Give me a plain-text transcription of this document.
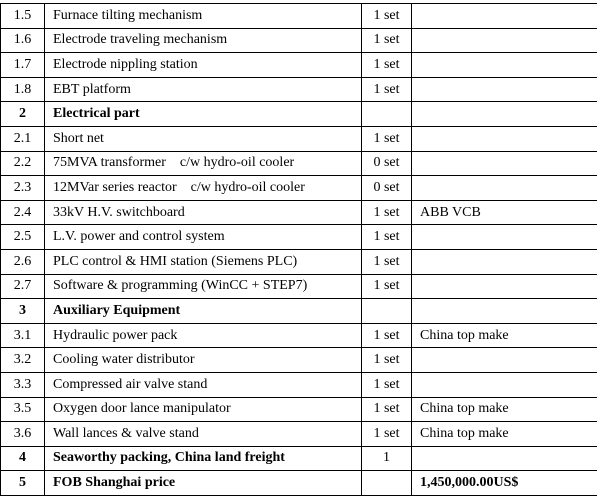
1.5	Furnace tilting mechanism	1 set	
1.6	Electrode traveling mechanism	1 set	
1.7	Electrode nippling station	1 set	
1.8	EBT platform	1 set	
2	Electrical part		
2.1	Short net	1 set	
2.2	75MVA transformer    c/w hydro-oil cooler	0 set	
2.3	12MVar series reactor    c/w hydro-oil cooler	0 set	
2.4	33kV H.V. switchboard	1 set	ABB VCB
2.5	L.V. power and control system	1 set	
2.6	PLC control & HMI station (Siemens PLC)	1 set	
2.7	Software & programming (WinCC + STEP7)	1 set	
3	Auxiliary Equipment		
3.1	Hydraulic power pack	1 set	China top make
3.2	Cooling water distributor	1 set	
3.3	Compressed air valve stand	1 set	
3.5	Oxygen door lance manipulator	1 set	China top make
3.6	Wall lances & valve stand	1 set	China top make
4	Seaworthy packing, China land freight	1	
5	FOB Shanghai price		1,450,000.00US$
